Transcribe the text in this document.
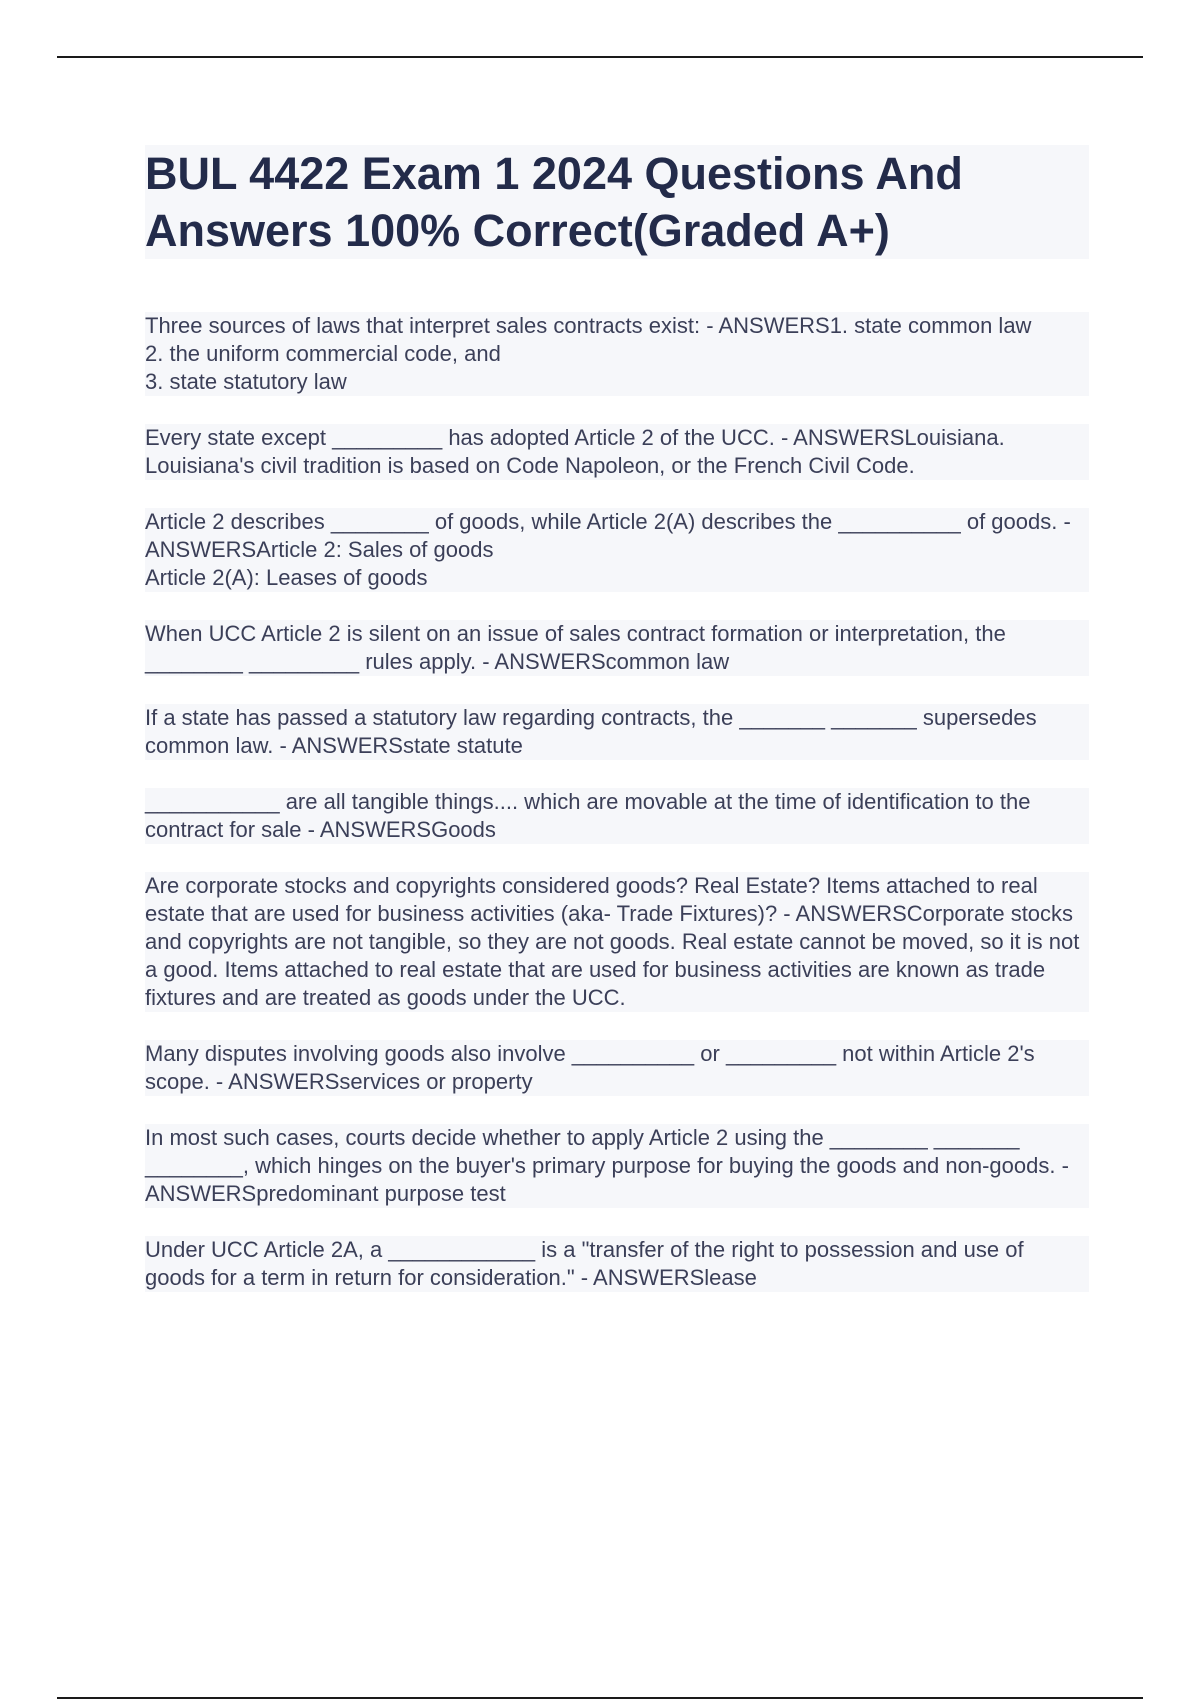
BUL 4422 Exam 1 2024 Questions And Answers 100% Correct(Graded A+)

Three sources of laws that interpret sales contracts exist: - ANSWERS1. state common law
2. the uniform commercial code, and
3. state statutory law

Every state except _________ has adopted Article 2 of the UCC. - ANSWERSLouisiana. Louisiana's civil tradition is based on Code Napoleon, or the French Civil Code.

Article 2 describes ________ of goods, while Article 2(A) describes the __________ of goods. - ANSWERSArticle 2: Sales of goods
Article 2(A): Leases of goods

When UCC Article 2 is silent on an issue of sales contract formation or interpretation, the ________ _________ rules apply. - ANSWERScommon law

If a state has passed a statutory law regarding contracts, the _______ _______ supersedes common law. - ANSWERSstate statute

___________ are all tangible things.... which are movable at the time of identification to the contract for sale - ANSWERSGoods

Are corporate stocks and copyrights considered goods? Real Estate? Items attached to real estate that are used for business activities (aka- Trade Fixtures)? - ANSWERSCorporate stocks and copyrights are not tangible, so they are not goods. Real estate cannot be moved, so it is not a good. Items attached to real estate that are used for business activities are known as trade fixtures and are treated as goods under the UCC.

Many disputes involving goods also involve __________ or _________ not within Article 2's scope. - ANSWERSservices or property

In most such cases, courts decide whether to apply Article 2 using the ________ _______ ________, which hinges on the buyer's primary purpose for buying the goods and non-goods. - ANSWERSpredominant purpose test

Under UCC Article 2A, a ____________ is a "transfer of the right to possession and use of goods for a term in return for consideration." - ANSWERSlease
